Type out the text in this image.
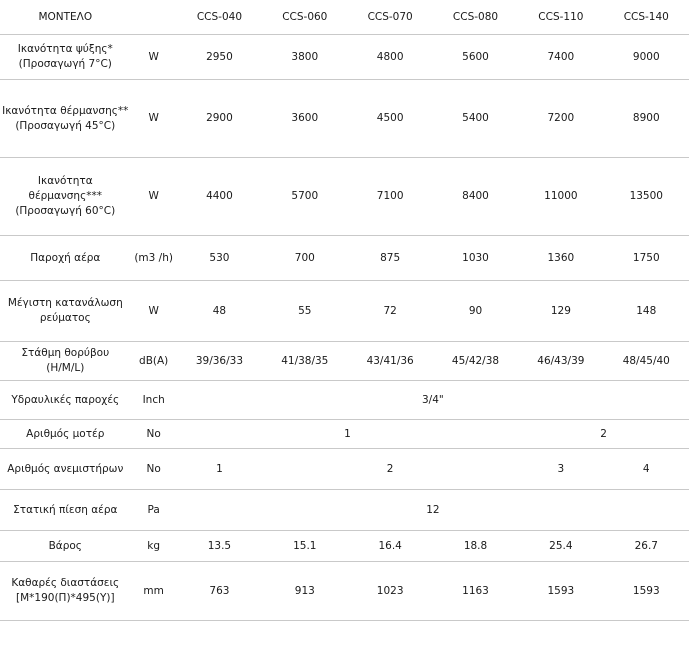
ΜΟΝΤΕΛΟ		CCS-040	CCS-060	CCS-070	CCS-080	CCS-110	CCS-140
Ικανότητα ψύξης* (Προσαγωγή 7°C)	W	2950	3800	4800	5600	7400	9000
Ικανότητα θέρμανσης** (Προσαγωγή 45°C)	W	2900	3600	4500	5400	7200	8900
Ικανότητα θέρμανσης*** (Προσαγωγή 60°C)	W	4400	5700	7100	8400	11000	13500
Παροχή αέρα	(m3 /h)	530	700	875	1030	1360	1750
Μέγιστη κατανάλωση ρεύματος	W	48	55	72	90	129	148
Στάθμη θορύβου (H/M/L)	dB(A)	39/36/33	41/38/35	43/41/36	45/42/38	46/43/39	48/45/40
Υδραυλικές παροχές	Inch	3/4"					
Αριθμός μοτέρ	No	1				2	
Αριθμός ανεμιστήρων	No	1	2			3	4
Στατική πίεση αέρα	Pa	12					
Βάρος	kg	13.5	15.1	16.4	18.8	25.4	26.7
Καθαρές διαστάσεις [Μ*190(Π)*495(Υ)]	mm	763	913	1023	1163	1593	1593
